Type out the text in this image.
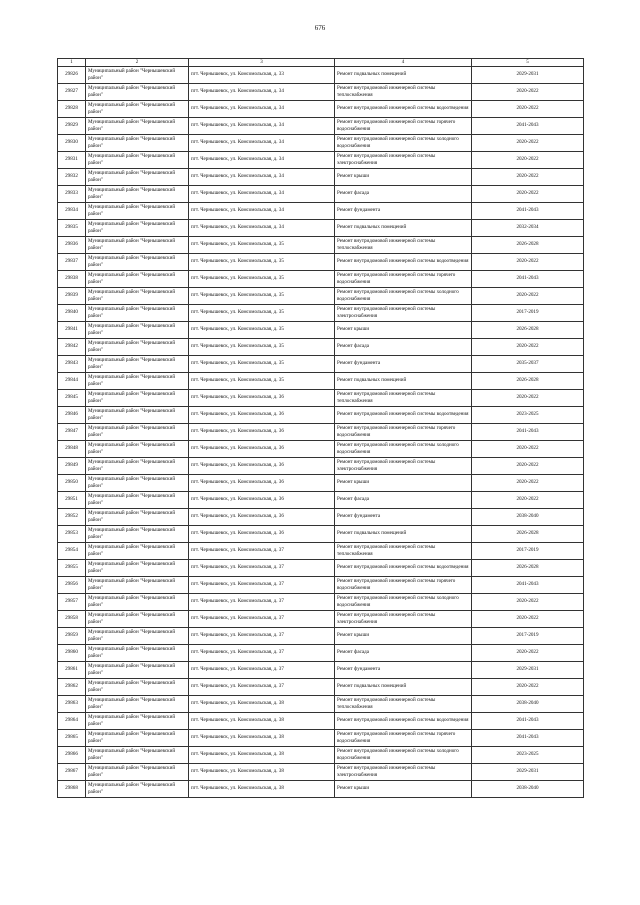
676
1	2	3	4	5
29826	Муниципальный район "Чернышевский район"	пгт. Чернышевск, ул. Комсомольская, д. 33	Ремонт подвальных помещений	2029-2031
29827	Муниципальный район "Чернышевский район"	пгт. Чернышевск, ул. Комсомольская, д. 34	Ремонт внутридомовой инженерной системы теплоснабжения	2020-2022
29828	Муниципальный район "Чернышевский район"	пгт. Чернышевск, ул. Комсомольская, д. 34	Ремонт внутридомовой инженерной системы водоотведения	2020-2022
29829	Муниципальный район "Чернышевский район"	пгт. Чернышевск, ул. Комсомольская, д. 34	Ремонт внутридомовой инженерной системы горячего водоснабжения	2041-2043
29830	Муниципальный район "Чернышевский район"	пгт. Чернышевск, ул. Комсомольская, д. 34	Ремонт внутридомовой инженерной системы холодного водоснабжения	2020-2022
29831	Муниципальный район "Чернышевский район"	пгт. Чернышевск, ул. Комсомольская, д. 34	Ремонт внутридомовой инженерной системы электроснабжения	2020-2022
29832	Муниципальный район "Чернышевский район"	пгт. Чернышевск, ул. Комсомольская, д. 34	Ремонт крыши	2020-2022
29833	Муниципальный район "Чернышевский район"	пгт. Чернышевск, ул. Комсомольская, д. 34	Ремонт фасада	2020-2022
29834	Муниципальный район "Чернышевский район"	пгт. Чернышевск, ул. Комсомольская, д. 34	Ремонт фундамента	2041-2043
29835	Муниципальный район "Чернышевский район"	пгт. Чернышевск, ул. Комсомольская, д. 34	Ремонт подвальных помещений	2032-2034
29836	Муниципальный район "Чернышевский район"	пгт. Чернышевск, ул. Комсомольская, д. 35	Ремонт внутридомовой инженерной системы теплоснабжения	2026-2028
29837	Муниципальный район "Чернышевский район"	пгт. Чернышевск, ул. Комсомольская, д. 35	Ремонт внутридомовой инженерной системы водоотведения	2020-2022
29838	Муниципальный район "Чернышевский район"	пгт. Чернышевск, ул. Комсомольская, д. 35	Ремонт внутридомовой инженерной системы горячего водоснабжения	2041-2043
29839	Муниципальный район "Чернышевский район"	пгт. Чернышевск, ул. Комсомольская, д. 35	Ремонт внутридомовой инженерной системы холодного водоснабжения	2020-2022
29840	Муниципальный район "Чернышевский район"	пгт. Чернышевск, ул. Комсомольская, д. 35	Ремонт внутридомовой инженерной системы электроснабжения	2017-2019
29841	Муниципальный район "Чернышевский район"	пгт. Чернышевск, ул. Комсомольская, д. 35	Ремонт крыши	2026-2028
29842	Муниципальный район "Чернышевский район"	пгт. Чернышевск, ул. Комсомольская, д. 35	Ремонт фасада	2020-2022
29843	Муниципальный район "Чернышевский район"	пгт. Чернышевск, ул. Комсомольская, д. 35	Ремонт фундамента	2035-2037
29844	Муниципальный район "Чернышевский район"	пгт. Чернышевск, ул. Комсомольская, д. 35	Ремонт подвальных помещений	2026-2028
29845	Муниципальный район "Чернышевский район"	пгт. Чернышевск, ул. Комсомольская, д. 36	Ремонт внутридомовой инженерной системы теплоснабжения	2020-2022
29846	Муниципальный район "Чернышевский район"	пгт. Чернышевск, ул. Комсомольская, д. 36	Ремонт внутридомовой инженерной системы водоотведения	2023-2025
29847	Муниципальный район "Чернышевский район"	пгт. Чернышевск, ул. Комсомольская, д. 36	Ремонт внутридомовой инженерной системы горячего водоснабжения	2041-2043
29848	Муниципальный район "Чернышевский район"	пгт. Чернышевск, ул. Комсомольская, д. 36	Ремонт внутридомовой инженерной системы холодного водоснабжения	2020-2022
29849	Муниципальный район "Чернышевский район"	пгт. Чернышевск, ул. Комсомольская, д. 36	Ремонт внутридомовой инженерной системы электроснабжения	2020-2022
29850	Муниципальный район "Чернышевский район"	пгт. Чернышевск, ул. Комсомольская, д. 36	Ремонт крыши	2020-2022
29851	Муниципальный район "Чернышевский район"	пгт. Чернышевск, ул. Комсомольская, д. 36	Ремонт фасада	2020-2022
29852	Муниципальный район "Чернышевский район"	пгт. Чернышевск, ул. Комсомольская, д. 36	Ремонт фундамента	2038-2040
29853	Муниципальный район "Чернышевский район"	пгт. Чернышевск, ул. Комсомольская, д. 36	Ремонт подвальных помещений	2026-2028
29854	Муниципальный район "Чернышевский район"	пгт. Чернышевск, ул. Комсомольская, д. 37	Ремонт внутридомовой инженерной системы теплоснабжения	2017-2019
29855	Муниципальный район "Чернышевский район"	пгт. Чернышевск, ул. Комсомольская, д. 37	Ремонт внутридомовой инженерной системы водоотведения	2026-2028
29856	Муниципальный район "Чернышевский район"	пгт. Чернышевск, ул. Комсомольская, д. 37	Ремонт внутридомовой инженерной системы горячего водоснабжения	2041-2043
29857	Муниципальный район "Чернышевский район"	пгт. Чернышевск, ул. Комсомольская, д. 37	Ремонт внутридомовой инженерной системы холодного водоснабжения	2020-2022
29858	Муниципальный район "Чернышевский район"	пгт. Чернышевск, ул. Комсомольская, д. 37	Ремонт внутридомовой инженерной системы электроснабжения	2020-2022
29859	Муниципальный район "Чернышевский район"	пгт. Чернышевск, ул. Комсомольская, д. 37	Ремонт крыши	2017-2019
29860	Муниципальный район "Чернышевский район"	пгт. Чернышевск, ул. Комсомольская, д. 37	Ремонт фасада	2020-2022
29861	Муниципальный район "Чернышевский район"	пгт. Чернышевск, ул. Комсомольская, д. 37	Ремонт фундамента	2029-2031
29862	Муниципальный район "Чернышевский район"	пгт. Чернышевск, ул. Комсомольская, д. 37	Ремонт подвальных помещений	2020-2022
29863	Муниципальный район "Чернышевский район"	пгт. Чернышевск, ул. Комсомольская, д. 38	Ремонт внутридомовой инженерной системы теплоснабжения	2038-2040
29864	Муниципальный район "Чернышевский район"	пгт. Чернышевск, ул. Комсомольская, д. 38	Ремонт внутридомовой инженерной системы водоотведения	2041-2043
29865	Муниципальный район "Чернышевский район"	пгт. Чернышевск, ул. Комсомольская, д. 38	Ремонт внутридомовой инженерной системы горячего водоснабжения	2041-2043
29866	Муниципальный район "Чернышевский район"	пгт. Чернышевск, ул. Комсомольская, д. 38	Ремонт внутридомовой инженерной системы холодного водоснабжения	2023-2025
29867	Муниципальный район "Чернышевский район"	пгт. Чернышевск, ул. Комсомольская, д. 38	Ремонт внутридомовой инженерной системы электроснабжения	2029-2031
29868	Муниципальный район "Чернышевский район"	пгт. Чернышевск, ул. Комсомольская, д. 38	Ремонт крыши	2038-2040
